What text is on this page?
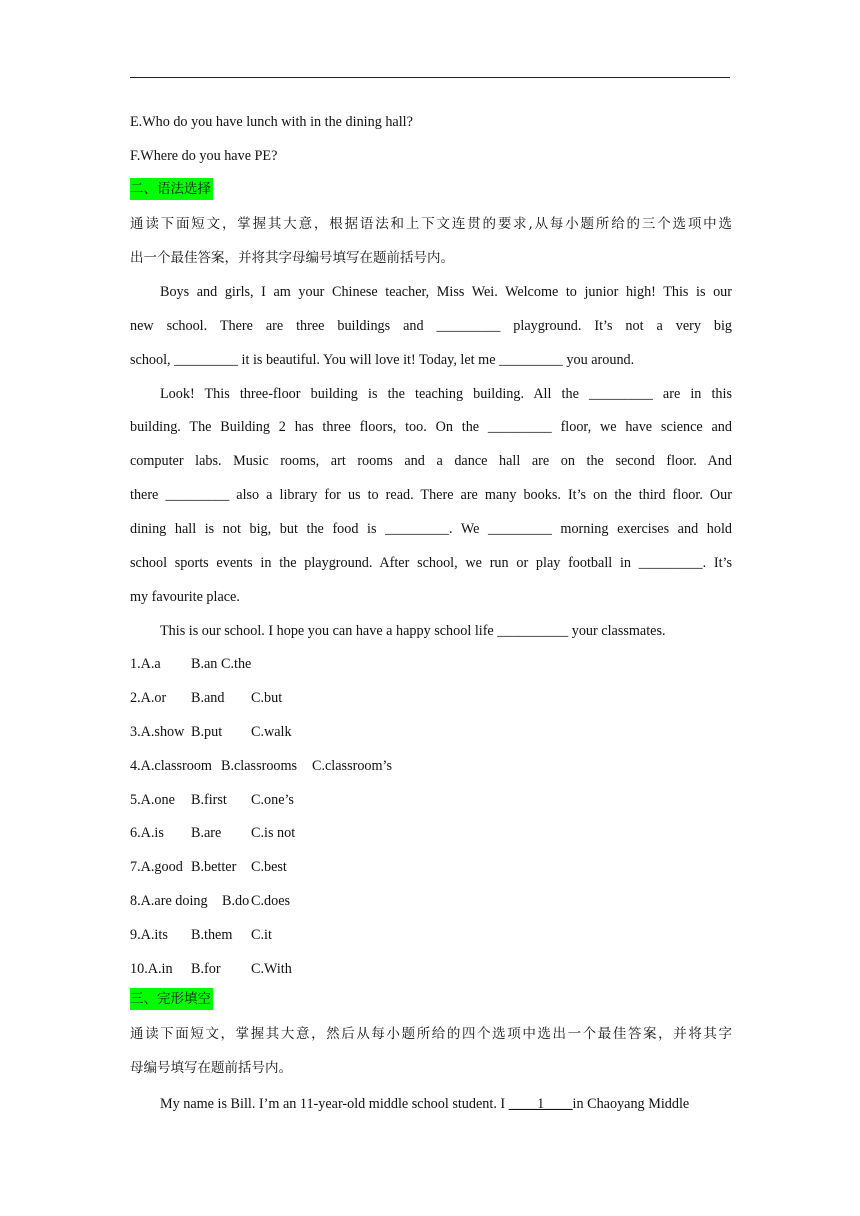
E.Who do you have lunch with in the dining hall?
F.Where do you have PE?
二、语法选择
通读下面短文，掌握其大意，根据语法和上下文连贯的要求,从每小题所给的三个选项中选
出一个最佳答案，并将其字母编号填写在题前括号内。
Boys and girls, I am your Chinese teacher, Miss Wei. Welcome to junior high! This is our
new school. There are three buildings and _________ playground. It’s not a very big
school, _________ it is beautiful. You will love it! Today, let me _________ you around.
Look! This three-floor building is the teaching building. All the _________ are in this
building. The Building 2 has three floors, too. On the _________ floor, we have science and
computer labs. Music rooms, art rooms and a dance hall are on the second floor. And
there _________ also a library for us to read. There are many books. It’s on the third floor. Our
dining hall is not big, but the food is _________. We _________ morning exercises and hold
school sports events in the playground. After school, we run or play football in _________. It’s
my favourite place.
This is our school. I hope you can have a happy school life __________ your classmates.
1.A.a B.an C.the
2.A.or B.and C.but
3.A.show B.put C.walk
4.A.classroom B.classrooms C.classroom’s
5.A.one B.first C.one’s
6.A.is B.are C.is not
7.A.good B.better C.best
8.A.are doing B.do C.does
9.A.its B.them C.it
10.A.in B.for C.With
三、完形填空
通读下面短文，掌握其大意，然后从每小题所给的四个选项中选出一个最佳答案，并将其字
母编号填写在题前括号内。
My name is Bill. I’m an 11-year-old middle school student. I ____1____in Chaoyang Middle
